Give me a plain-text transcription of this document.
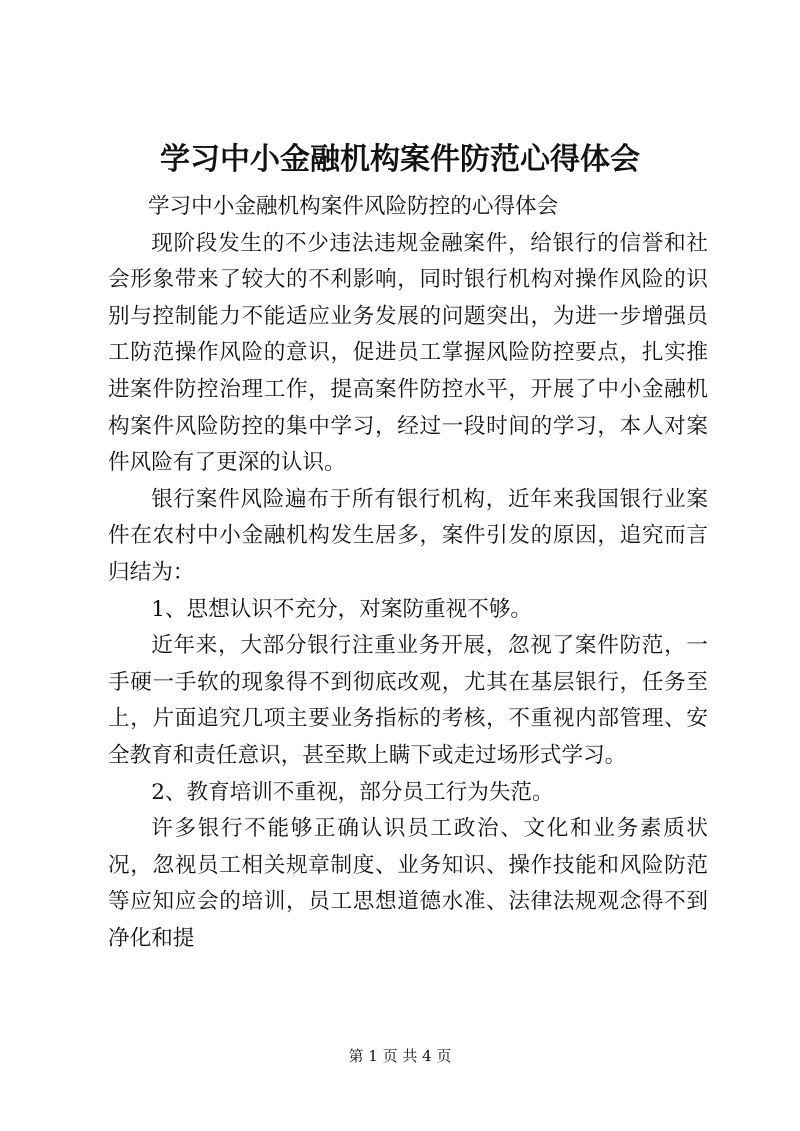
学习中小金融机构案件防范心得体会

学习中小金融机构案件风险防控的心得体会

现阶段发生的不少违法违规金融案件，给银行的信誉和社会形象带来了较大的不利影响，同时银行机构对操作风险的识别与控制能力不能适应业务发展的问题突出，为进一步增强员工防范操作风险的意识，促进员工掌握风险防控要点，扎实推进案件防控治理工作，提高案件防控水平，开展了中小金融机构案件风险防控的集中学习，经过一段时间的学习，本人对案件风险有了更深的认识。

银行案件风险遍布于所有银行机构，近年来我国银行业案件在农村中小金融机构发生居多，案件引发的原因，追究而言归结为：

1、思想认识不充分，对案防重视不够。

近年来，大部分银行注重业务开展，忽视了案件防范，一手硬一手软的现象得不到彻底改观，尤其在基层银行，任务至上，片面追究几项主要业务指标的考核，不重视内部管理、安全教育和责任意识，甚至欺上瞒下或走过场形式学习。

2、教育培训不重视，部分员工行为失范。

许多银行不能够正确认识员工政治、文化和业务素质状况，忽视员工相关规章制度、业务知识、操作技能和风险防范等应知应会的培训，员工思想道德水准、法律法规观念得不到净化和提

第 1 页 共 4 页
